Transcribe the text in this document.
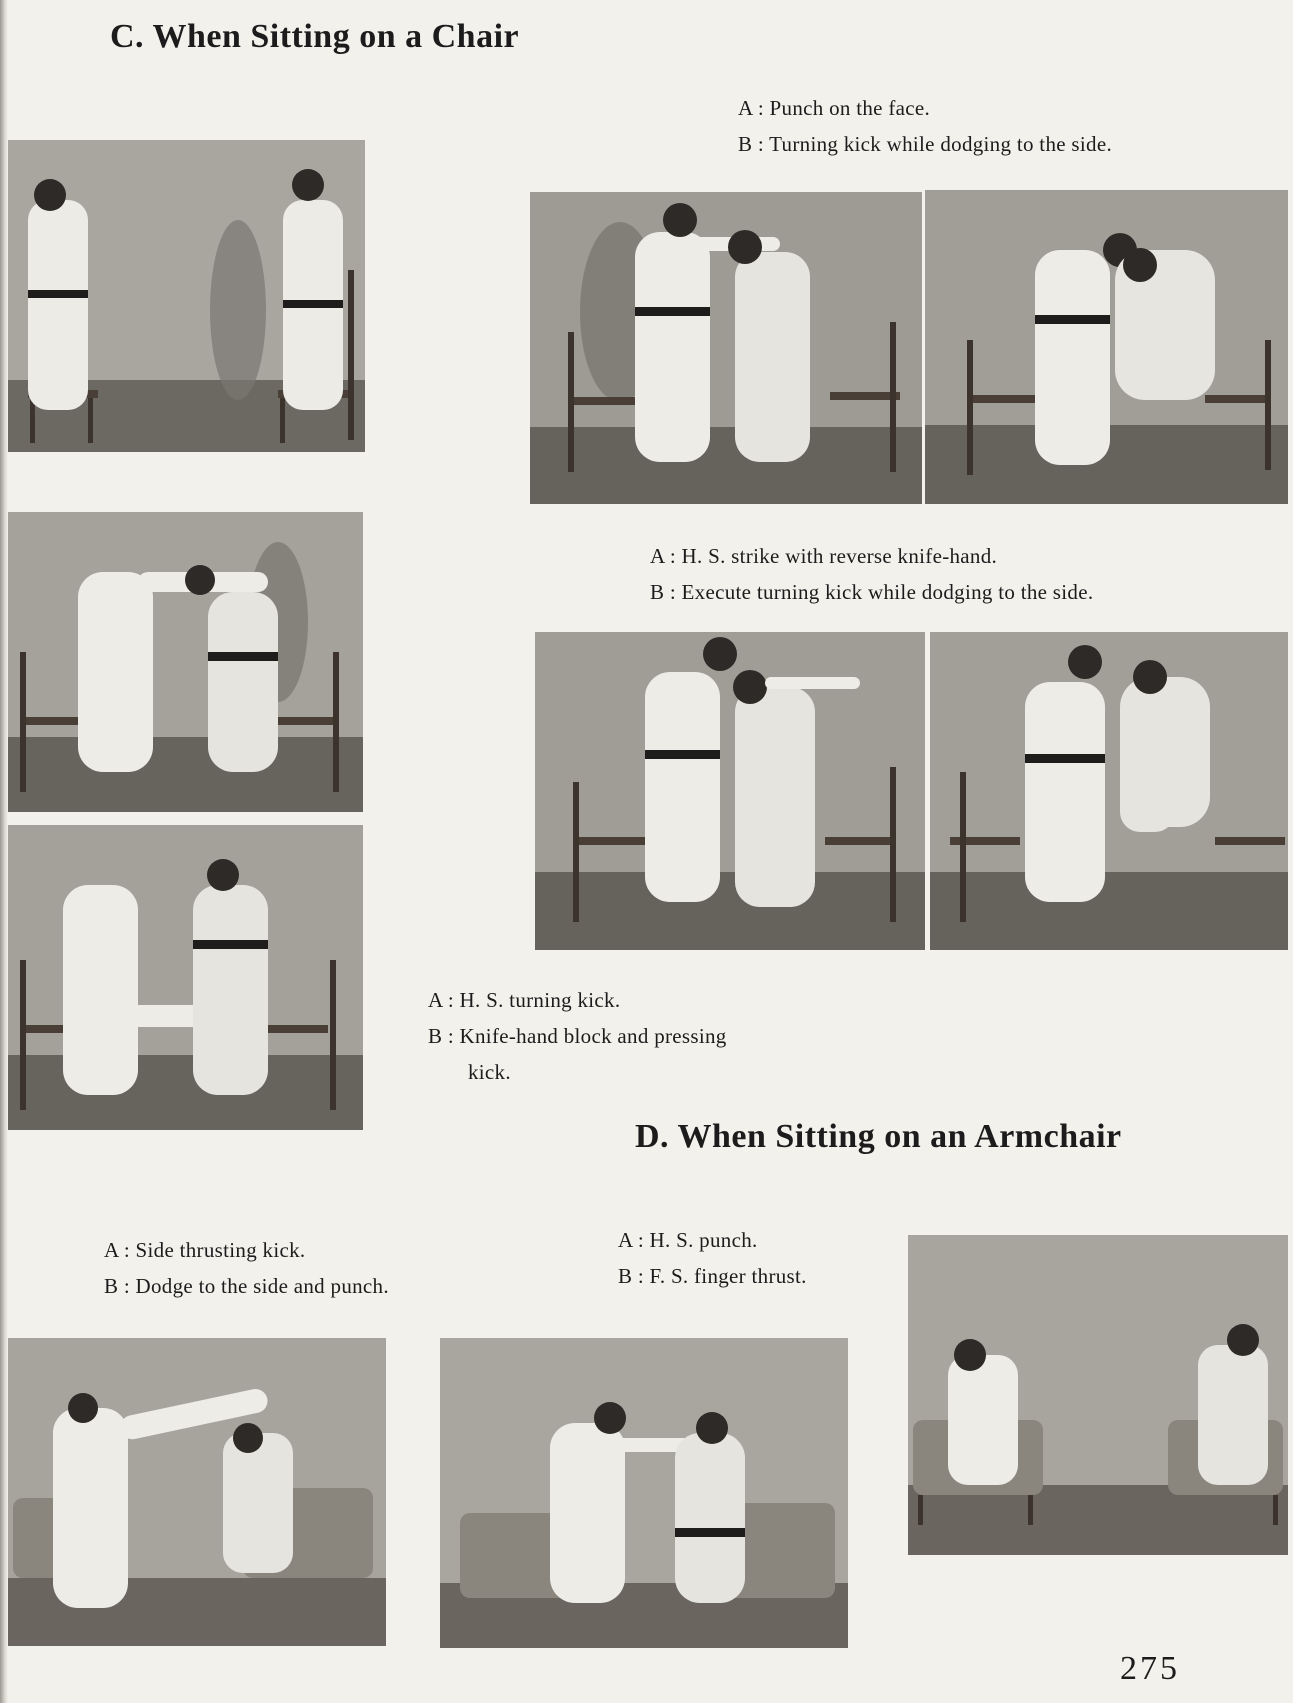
C. When Sitting on a Chair
A : Punch on the face.
B : Turning kick while dodging to the side.
A : H. S. strike with reverse knife-hand.
B : Execute turning kick while dodging to the side.
A : H. S. turning kick.
B : Knife-hand block and pressing
kick.
D. When Sitting on an Armchair
A : Side thrusting kick.
B : Dodge to the side and punch.
A : H. S. punch.
B : F. S. finger thrust.

275
